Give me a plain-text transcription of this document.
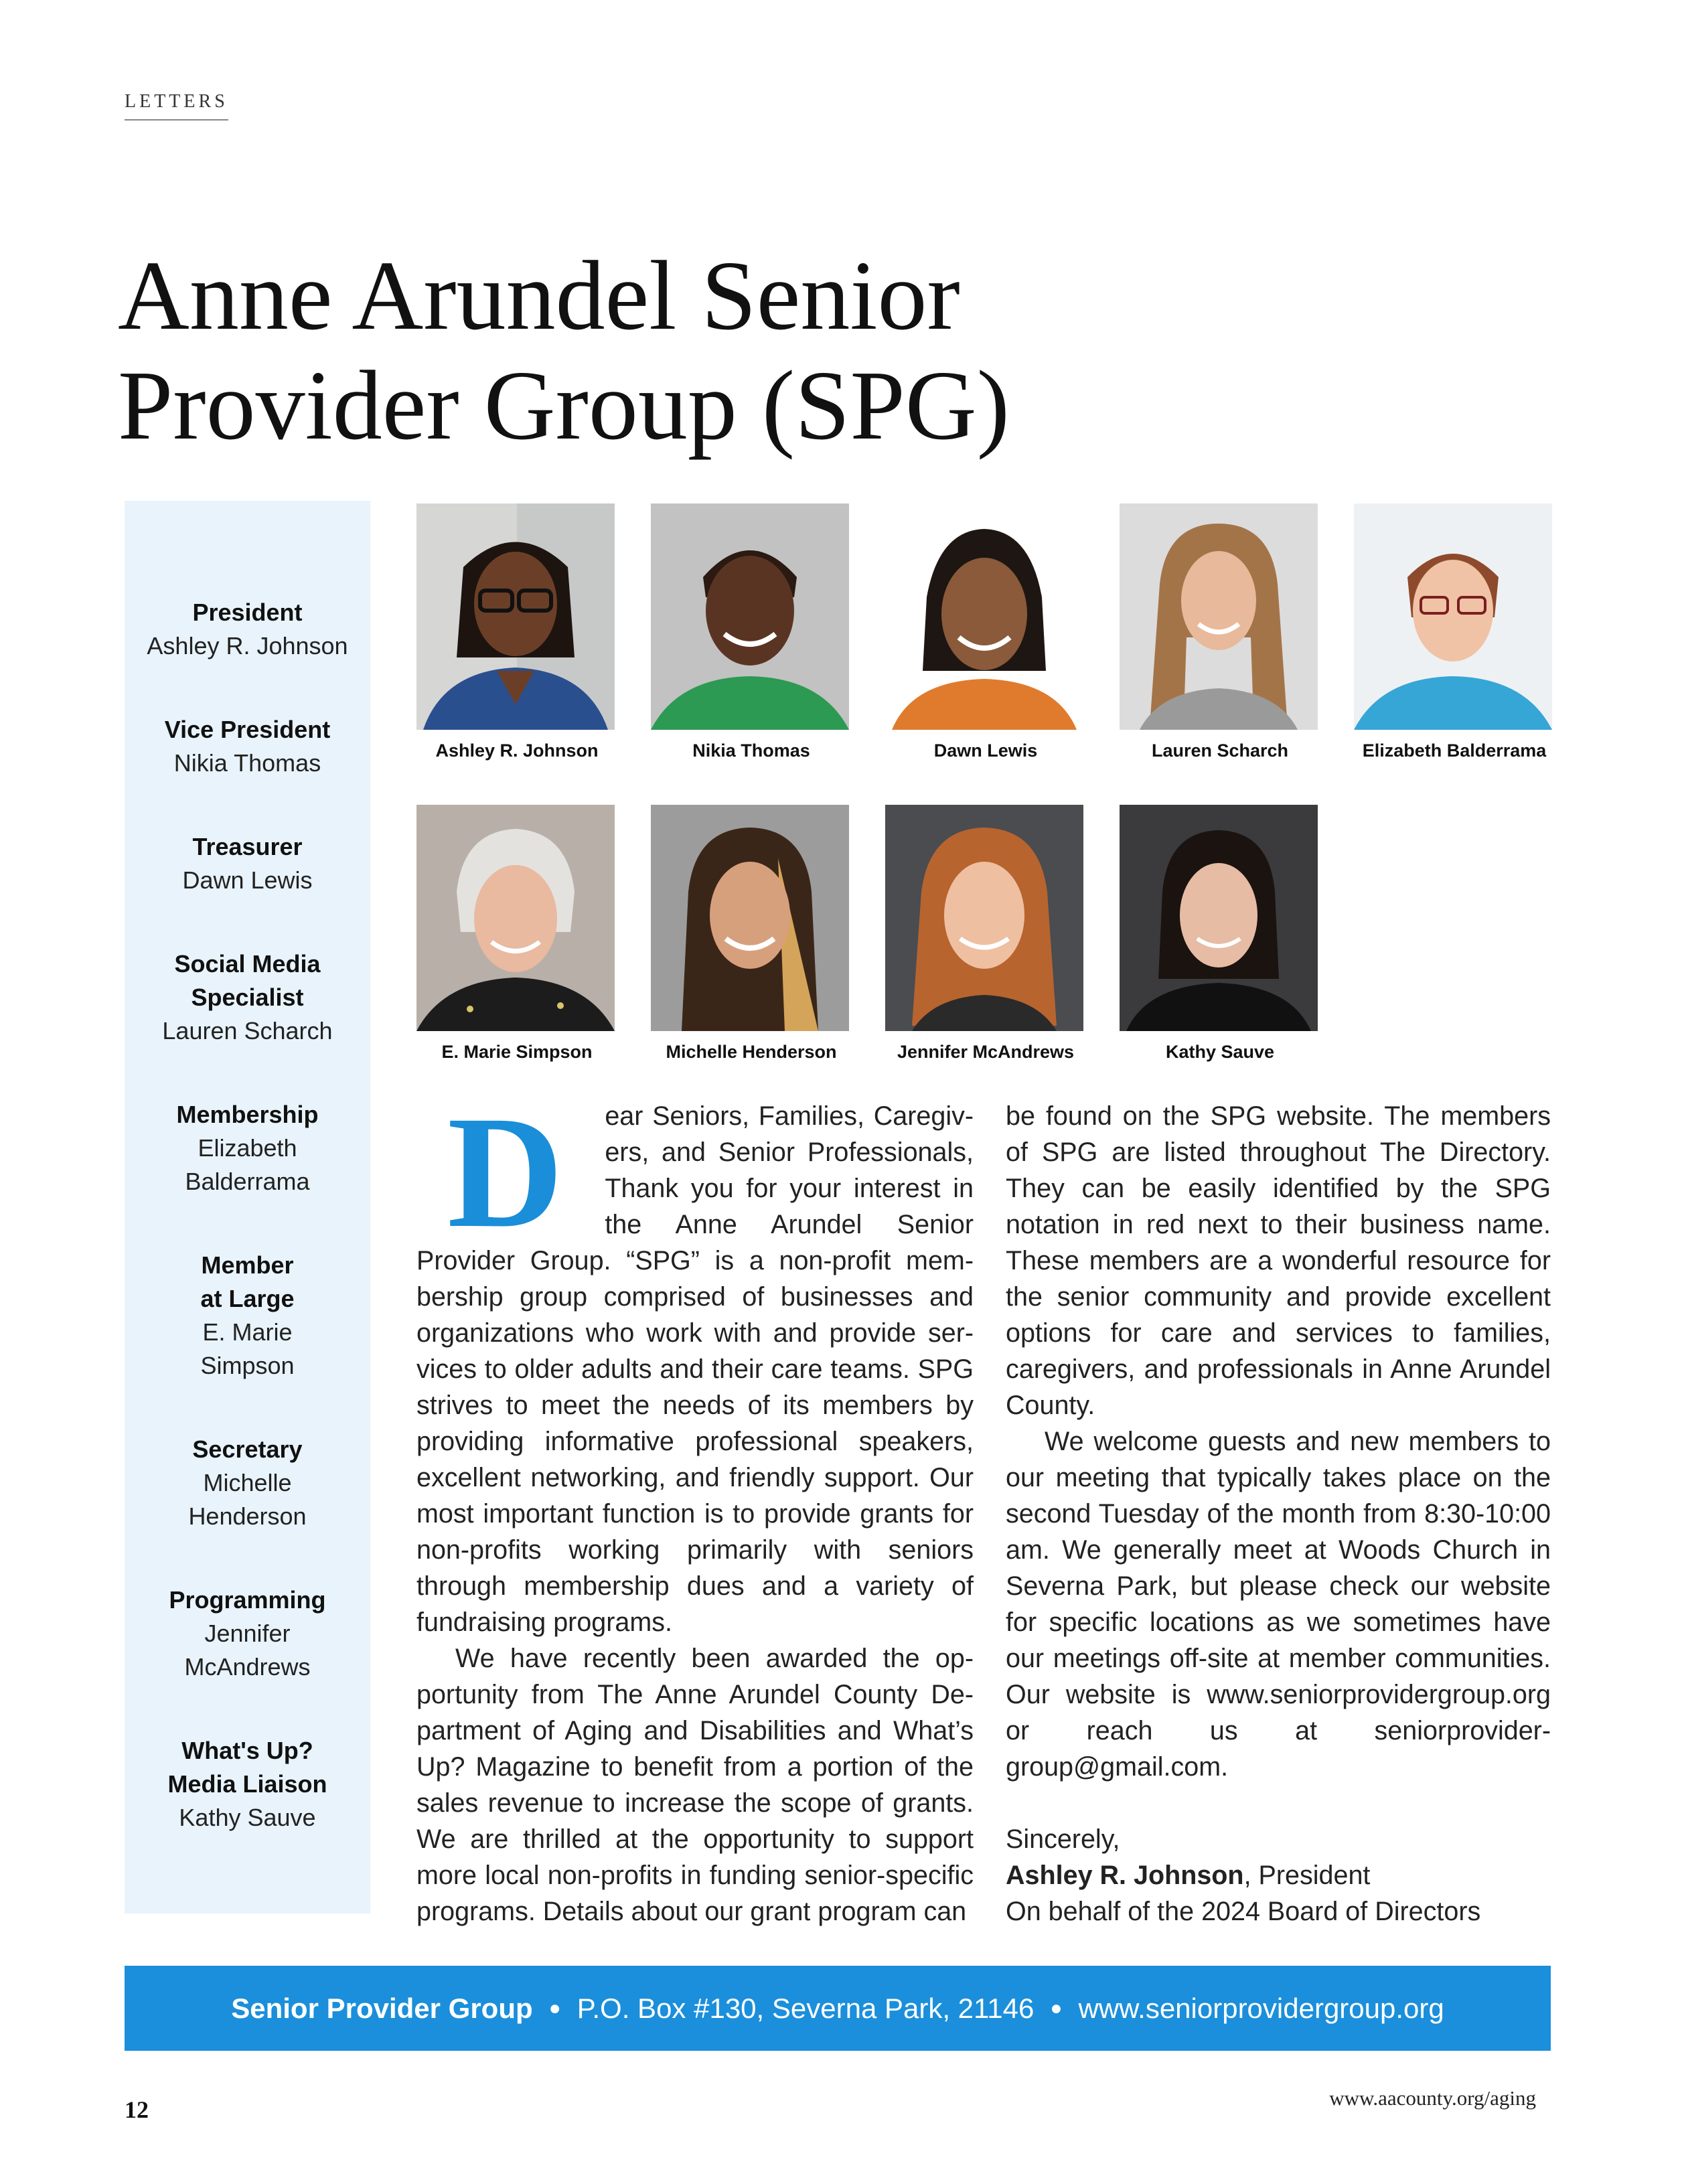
LETTERS
Anne Arundel Senior
Provider Group (SPG)
President
Ashley R. Johnson
Vice President
Nikia Thomas
Treasurer
Dawn Lewis
Social Media
Specialist
Lauren Scharch
Membership
Elizabeth
Balderrama
Member
at Large
E. Marie
Simpson
Secretary
Michelle
Henderson
Programming
Jennifer
McAndrews
What's Up?
Media Liaison
Kathy Sauve
Ashley R. Johnson	Nikia Thomas	Dawn Lewis	Lauren Scharch	Elizabeth Balderrama
E. Marie Simpson	Michelle Henderson	Jennifer McAndrews	Kathy Sauve
D	ear Seniors, Families, Caregivers, and Senior Professionals, Thank you for your interest in the Anne Arundel Senior Provider Group. “SPG” is a non-profit membership group comprised of businesses and organizations who work with and provide services to older adults and their care teams. SPG strives to meet the needs of its members by providing informative professional speakers, excellent networking, and friendly support. Our most important function is to provide grants for non-profits working primarily with seniors through membership dues and a variety of fundraising programs.

We have recently been awarded the opportunity from The Anne Arundel County Department of Aging and Disabilities and What’s Up? Magazine to benefit from a portion of the sales revenue to increase the scope of grants. We are thrilled at the opportunity to support more local non-profits in funding senior-specific programs. Details about our grant program can

be found on the SPG website. The members of SPG are listed throughout The Directory. They can be easily identified by the SPG notation in red next to their business name. These members are a wonderful resource for the senior community and provide excellent options for care and services to families, caregivers, and professionals in Anne Arundel County.

We welcome guests and new members to our meeting that typically takes place on the second Tuesday of the month from 8:30-10:00 am. We generally meet at Woods Church in Severna Park, but please check our website for specific locations as we sometimes have our meetings off-site at member communities. Our website is www.seniorprovidergroup.org or reach us at seniorprovidergroup@gmail.com.

Sincerely,

Ashley R. Johnson, President

On behalf of the 2024 Board of Directors

Senior Provider Group ● P.O. Box #130, Severna Park, 21146 ● www.seniorprovidergroup.org
12	www.aacounty.org/aging
